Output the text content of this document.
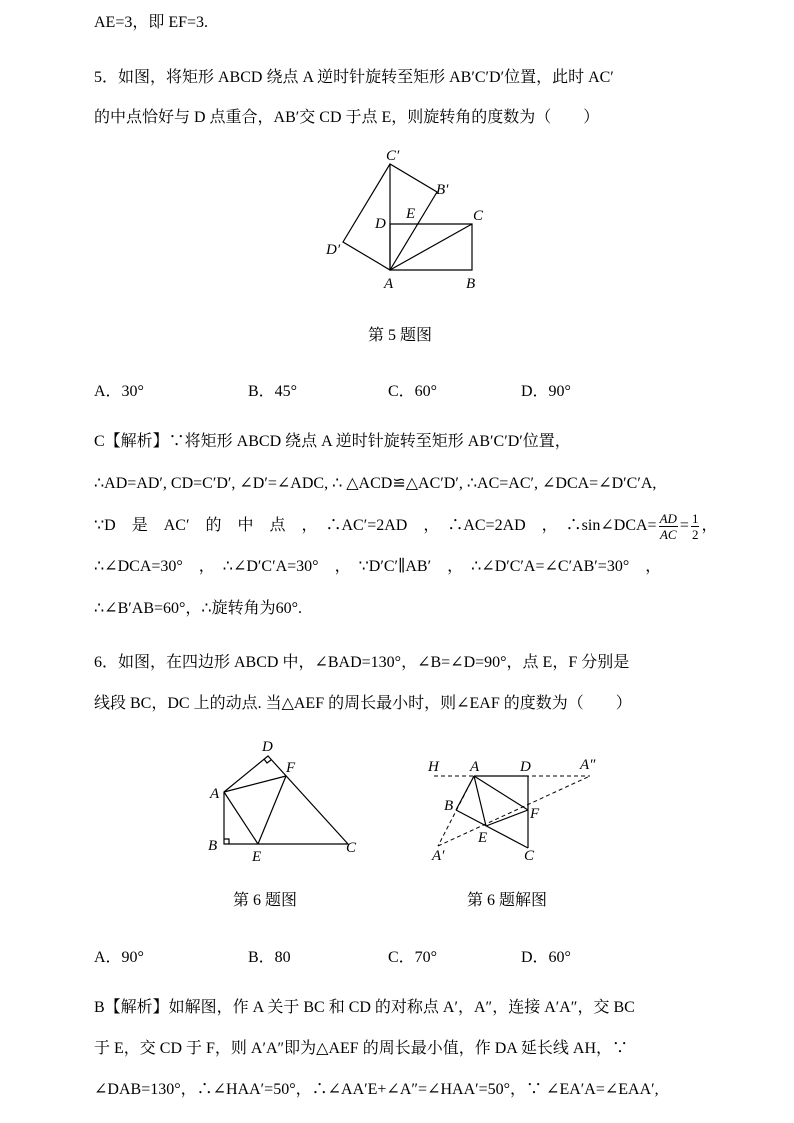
AE=3，即 EF=3.
5．如图，将矩形 ABCD 绕点 A 逆时针旋转至矩形 AB′C′D′位置，此时 AC′
的中点恰好与 D 点重合，AB′交 CD 于点 E，则旋转角的度数为（　　）
C′
B′
D
E	C
D′
A	B
第 5 题图
A．30°	B．45°	C．60°	D．90°
C【解析】∵将矩形 ABCD 绕点 A 逆时针旋转至矩形 AB′C′D′位置，
∴AD=AD′, CD=C′D′, ∠D′=∠ADC, ∴ △ACD≌△AC′D′, ∴AC=AC′, ∠DCA=∠D′C′A,
∵D　是　AC′　的　中　点　，　∴AC′=2AD　，　∴AC=2AD　，　∴sin∠DCA= $\frac{AD}{AC} = \frac{1}{2}$ ，
∴∠DCA=30°　，　∴∠D′C′A=30°　，　∵D′C′∥AB′　，　∴∠D′C′A=∠C′AB′=30°　，
∴∠B′AB=60°，∴旋转角为60°.
6．如图，在四边形 ABCD 中，∠BAD=130°，∠B=∠D=90°，点 E，F 分别是
线段 BC，DC 上的动点. 当△AEF 的周长最小时，则∠EAF 的度数为（　　）
D
F
A
B
E
C
第 6 题图
H A	D	A″
B	F
E
A′	C
第 6 题解图
A．90°	B．80	C．70°	D．60°
B【解析】如解图，作 A 关于 BC 和 CD 的对称点 A′，A″，连接 A′A″，交 BC
于 E，交 CD 于 F，则 A′A″即为△AEF 的周长最小值，作 DA 延长线 AH，∵
∠DAB=130°，∴∠HAA′=50°，∴∠AA′E+∠A″=∠HAA′=50°，∵ ∠EA′A=∠EAA′,
